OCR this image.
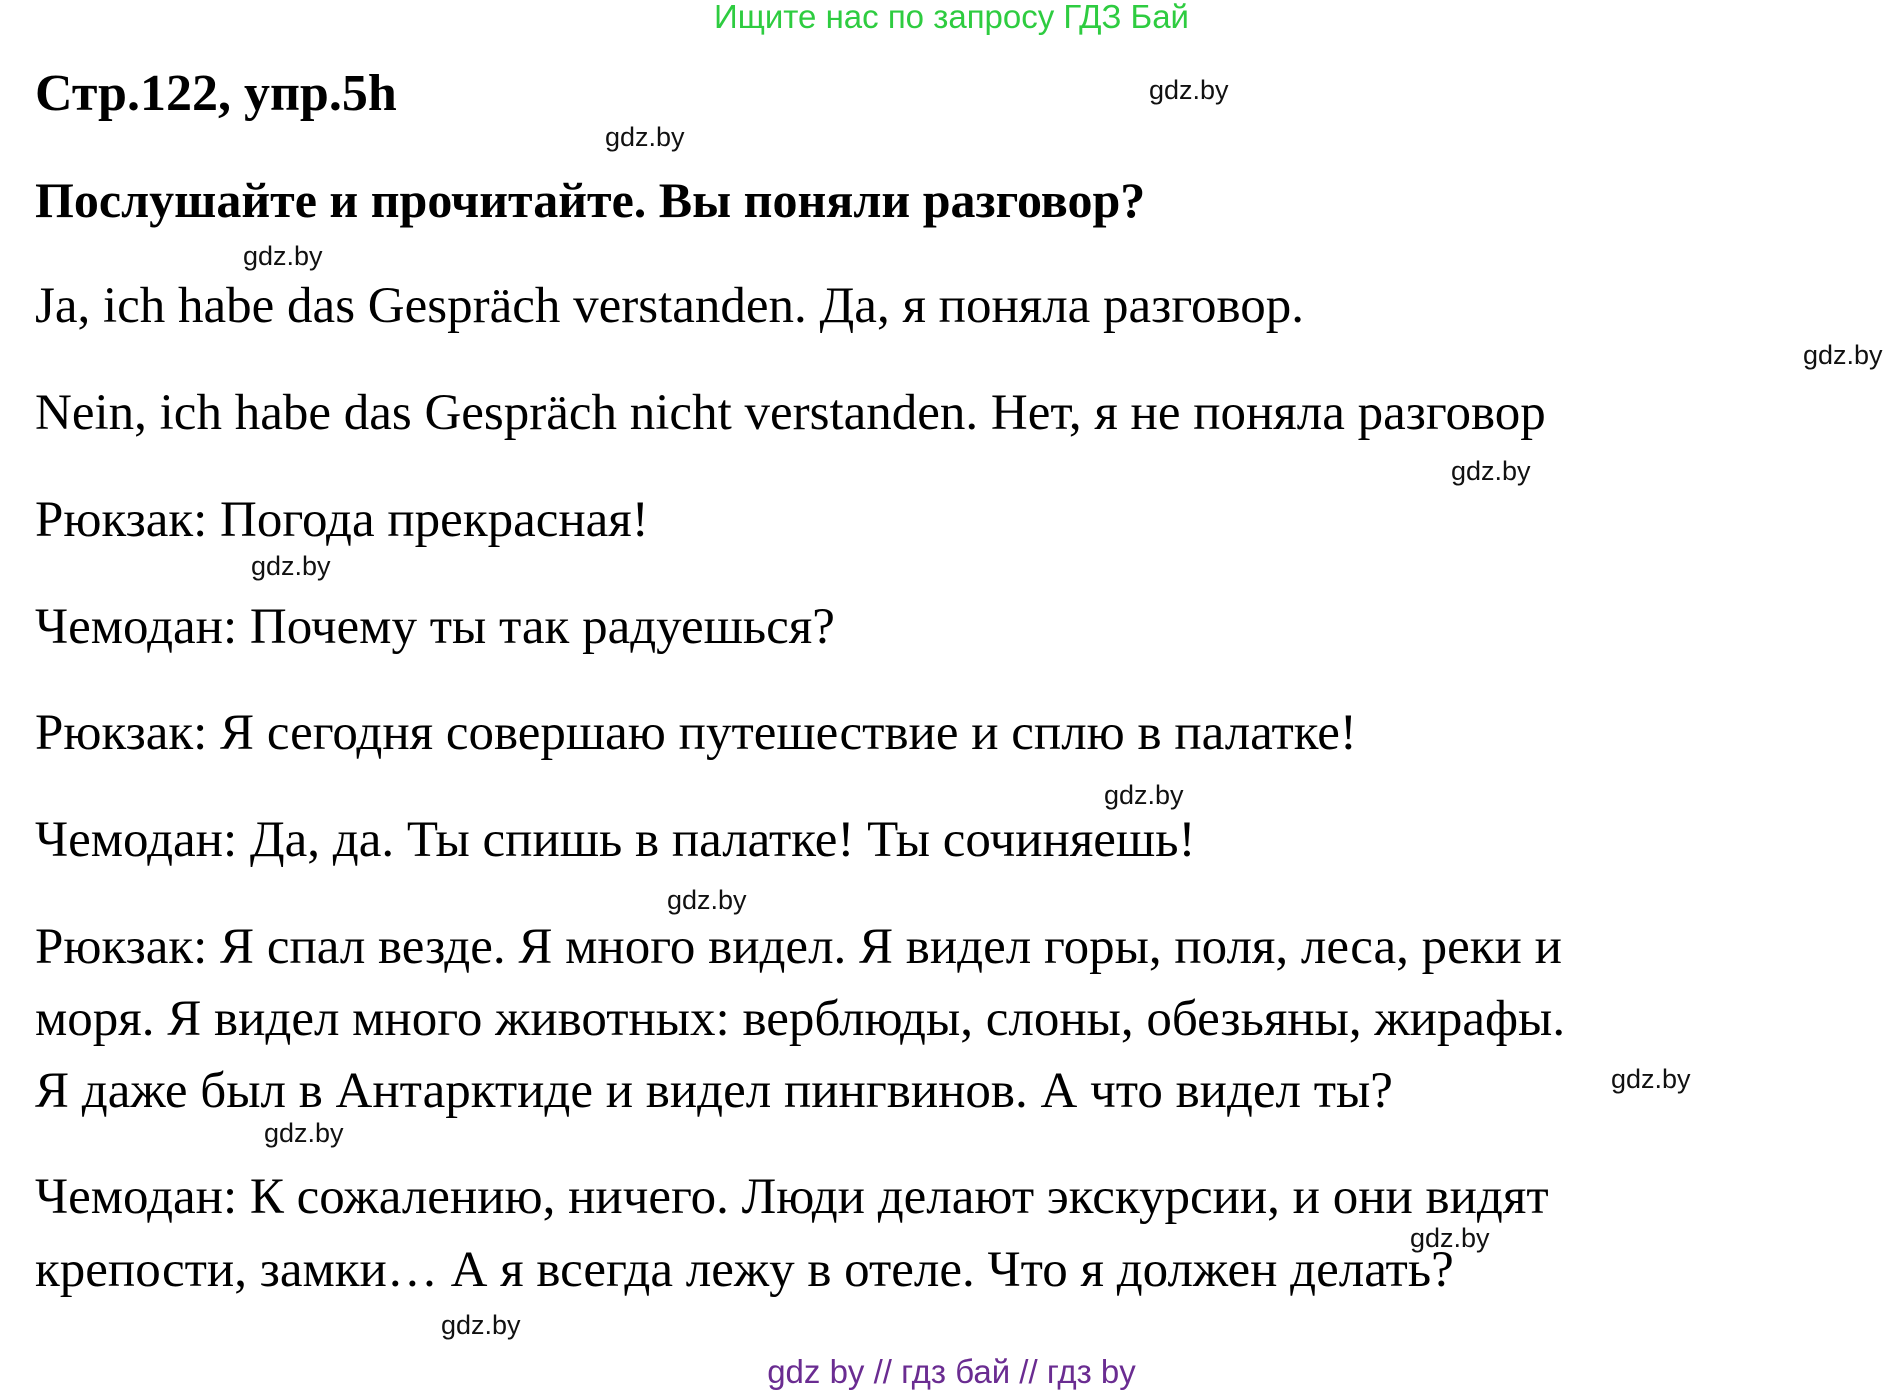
Ищите нас по запросу ГДЗ Бай
Стр.122, упр.5h
Послушайте и прочитайте. Вы поняли разговор?
Ja, ich habe das Gespräch verstanden. Да, я поняла разговор.
Nein, ich habe das Gespräch nicht verstanden. Нет, я не поняла разговор
Рюкзак: Погода прекрасная!
Чемодан: Почему ты так радуешься?
Рюкзак: Я сегодня совершаю путешествие и сплю в палатке!
Чемодан: Да, да. Ты спишь в палатке! Ты сочиняешь!
Рюкзак: Я спал везде. Я много видел. Я видел горы, поля, леса, реки и
моря. Я видел много животных: верблюды, слоны, обезьяны, жирафы.
Я даже был в Антарктиде и видел пингвинов. А что видел ты?
Чемодан: К сожалению, ничего. Люди делают экскурсии, и они видят
крепости, замки… А я всегда лежу в отеле. Что я должен делать?
gdz.by
gdz.by
gdz.by
gdz.by
gdz.by
gdz.by
gdz.by
gdz.by
gdz.by
gdz.by
gdz.by
gdz.by
gdz by // гдз бай // гдз by
